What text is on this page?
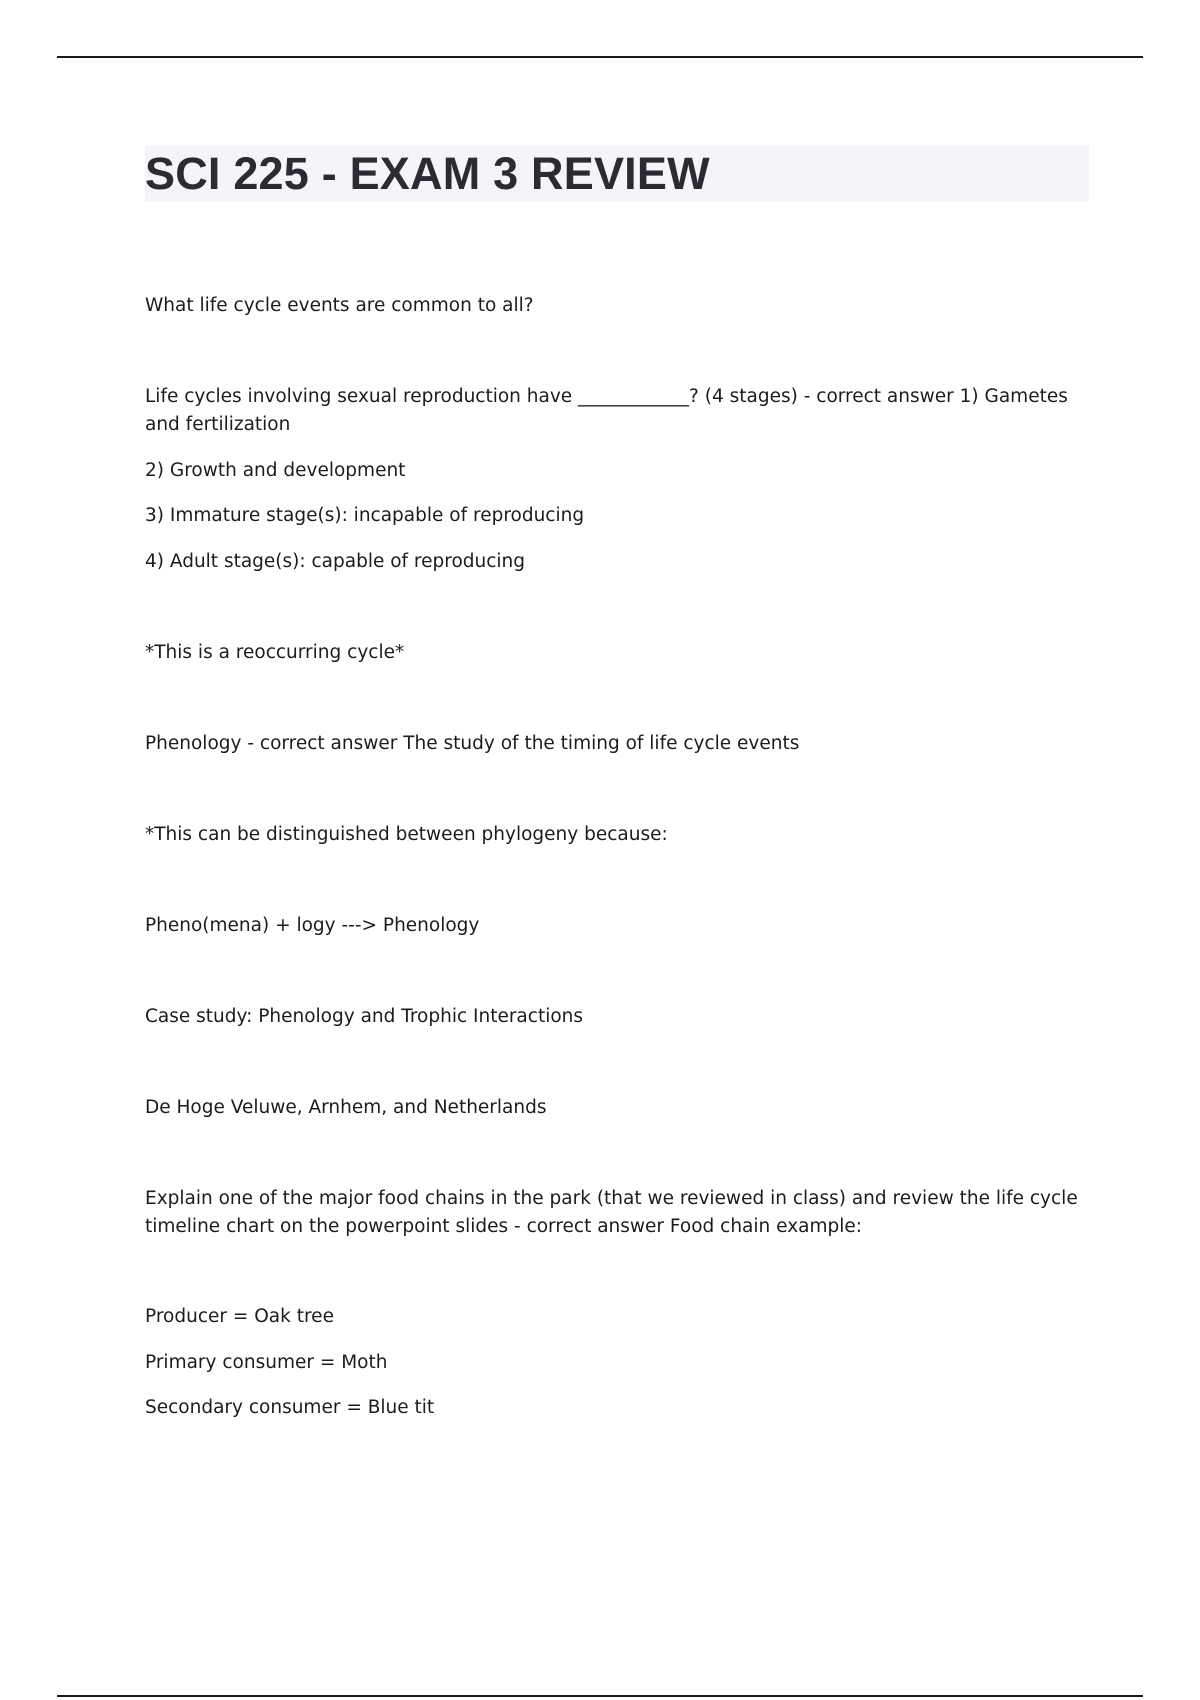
SCI 225 - EXAM 3 REVIEW

What life cycle events are common to all?

Life cycles involving sexual reproduction have ____________? (4 stages) - correct answer 1) Gametes and fertilization

2) Growth and development

3) Immature stage(s): incapable of reproducing

4) Adult stage(s): capable of reproducing

*This is a reoccurring cycle*

Phenology - correct answer The study of the timing of life cycle events

*This can be distinguished between phylogeny because:

Pheno(mena) + logy ---> Phenology

Case study: Phenology and Trophic Interactions

De Hoge Veluwe, Arnhem, and Netherlands

Explain one of the major food chains in the park (that we reviewed in class) and review the life cycle timeline chart on the powerpoint slides - correct answer Food chain example:

Producer = Oak tree

Primary consumer = Moth

Secondary consumer = Blue tit
